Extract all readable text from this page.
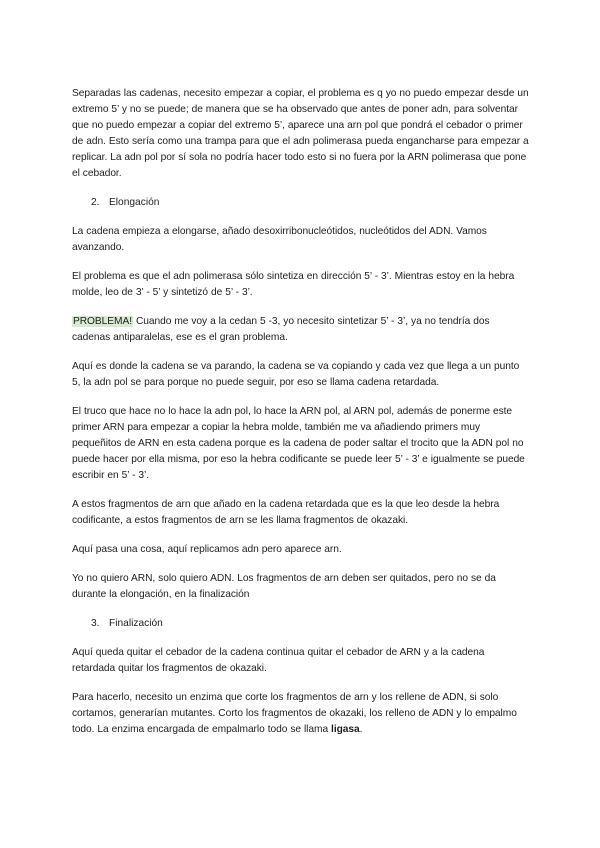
Separadas las cadenas, necesito empezar a copiar, el problema es q yo no puedo empezar desde un extremo 5’ y no se puede; de manera que se ha observado que antes de poner adn, para solventar que no puedo empezar a copiar del extremo 5’, aparece una arn pol que pondrá el cebador o primer de adn. Esto sería como una trampa para que el adn polimerasa pueda engancharse para empezar a replicar. La adn pol por sí sola no podría hacer todo esto si no fuera por la ARN polimerasa que pone el cebador.

2. Elongación

La cadena empieza a elongarse, añado desoxirribonucleótidos, nucleótidos del ADN. Vamos avanzando.

El problema es que el adn polimerasa sólo sintetiza en dirección 5’ - 3’. Mientras estoy en la hebra molde, leo de 3’ - 5’ y sintetizó de 5’ - 3’.

PROBLEMA! Cuando me voy a la cedan 5 -3, yo necesito sintetizar 5’ - 3’, ya no tendría dos cadenas antiparalelas, ese es el gran problema.

Aquí es donde la cadena se va parando, la cadena se va copiando y cada vez que llega a un punto 5, la adn pol se para porque no puede seguir, por eso se llama cadena retardada.

El truco que hace no lo hace la adn pol, lo hace la ARN pol, al ARN pol, además de ponerme este primer ARN para empezar a copiar la hebra molde, también me va añadiendo primers muy pequeñitos de ARN en esta cadena porque es la cadena de poder saltar el trocito que la ADN pol no puede hacer por ella misma, por eso la hebra codificante se puede leer 5’ - 3’ e igualmente se puede escribir en 5’ - 3’.

A estos fragmentos de arn que añado en la cadena retardada que es la que leo desde la hebra codificante, a estos fragmentos de arn se les llama fragmentos de okazaki.

Aquí pasa una cosa, aquí replicamos adn pero aparece arn.

Yo no quiero ARN, solo quiero ADN. Los fragmentos de arn deben ser quitados, pero no se da durante la elongación, en la finalización

3. Finalización

Aquí queda quitar el cebador de la cadena continua quitar el cebador de ARN y a la cadena retardada quitar los fragmentos de okazaki.

Para hacerlo, necesito un enzima que corte los fragmentos de arn y los rellene de ADN, si solo cortamos, generarían mutantes. Corto los fragmentos de okazaki, los relleno de ADN y lo empalmo todo. La enzima encargada de empalmarlo todo se llama ligasa.
